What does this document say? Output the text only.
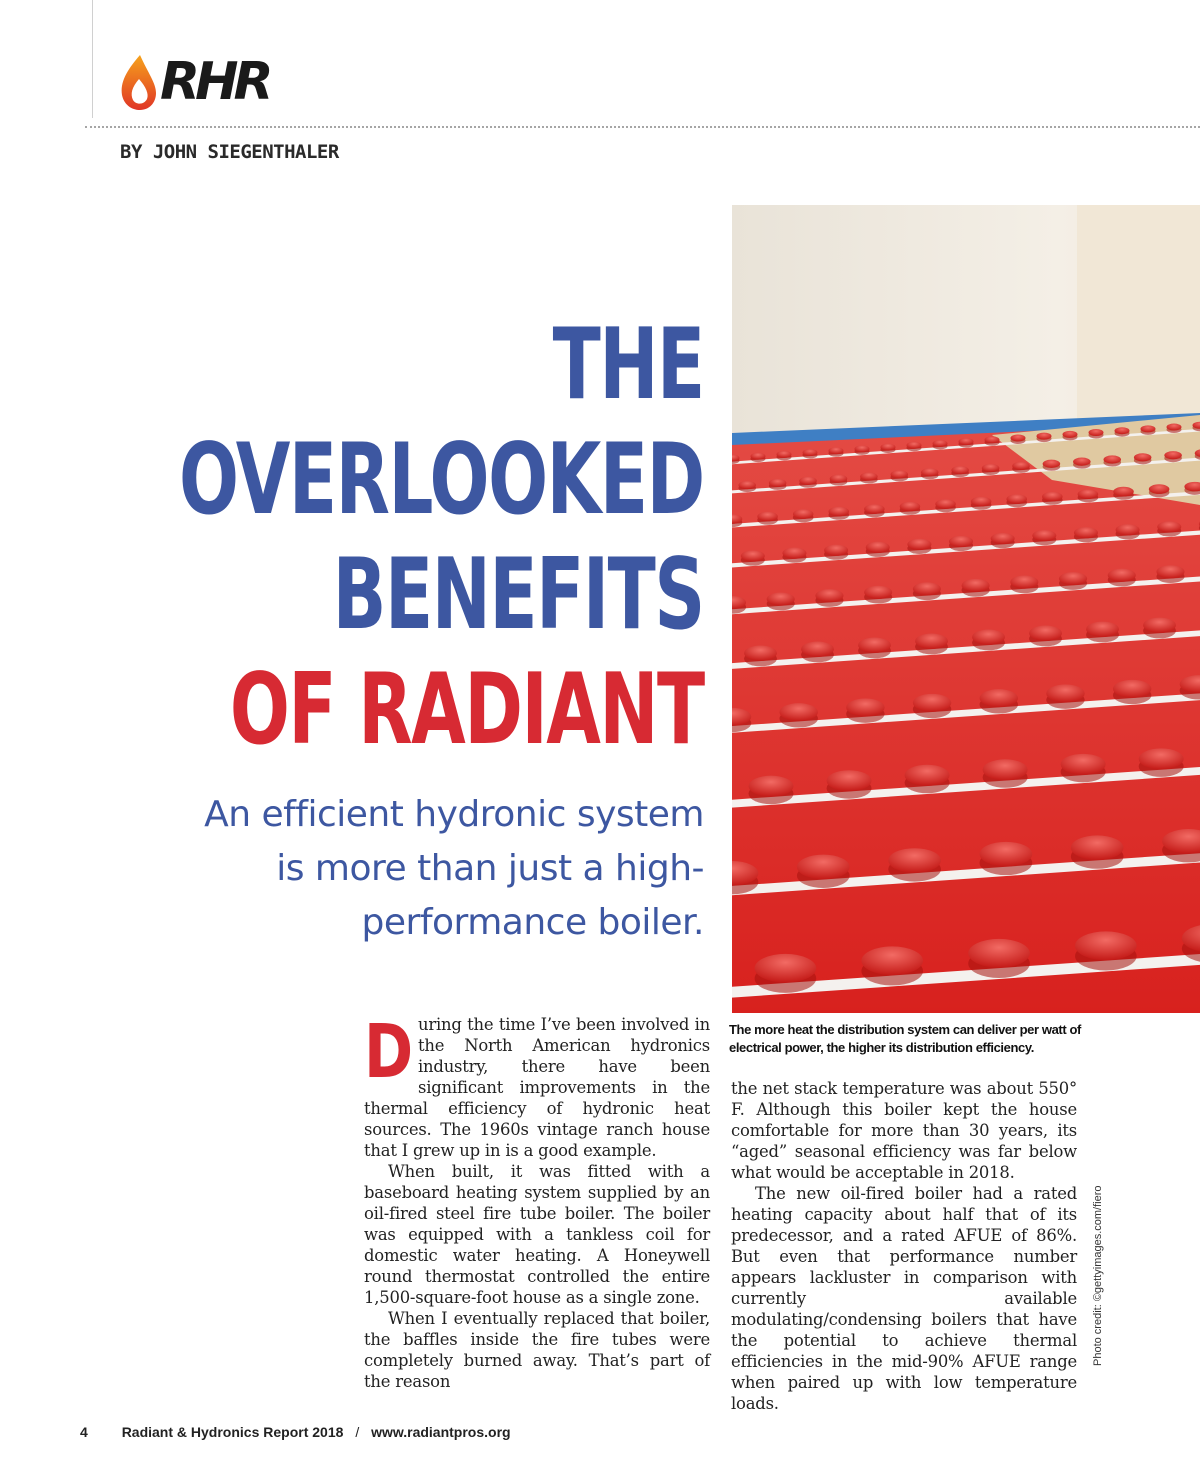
RHR
BY JOHN SIEGENTHALER
THE
OVERLOOKED
BENEFITS
OF RADIANT
An efficient hydronic system is more than just a high-performance boiler.
D uring the time I’ve been involved in the North American hydronics industry, there have been significant improvements in the thermal efficiency of hydronic heat sources. The 1960s vintage ranch house that I grew up in is a good example.

When built, it was fitted with a baseboard heating system supplied by an oil-fired steel fire tube boiler. The boiler was equipped with a tankless coil for domestic water heating. A Honeywell round thermostat controlled the entire 1,500-square-foot house as a single zone.

When I eventually replaced that boiler, the baffles inside the fire tubes were completely burned away. That’s part of the reason

The more heat the distribution system can deliver per watt of electrical power, the higher its distribution efficiency.

the net stack temperature was about 550° F. Although this boiler kept the house comfortable for more than 30 years, its “aged” seasonal efficiency was far below what would be acceptable in 2018.

The new oil-fired boiler had a rated heating capacity about half that of its predecessor, and a rated AFUE of 86%. But even that performance number appears lackluster in comparison with currently available modulating/condensing boilers that have the potential to achieve thermal efficiencies in the mid-90% AFUE range when paired up with low temperature loads.

Photo credit: ©gettyimages.com/fiero
4 Radiant & Hydronics Report 2018 / www.radiantpros.org
